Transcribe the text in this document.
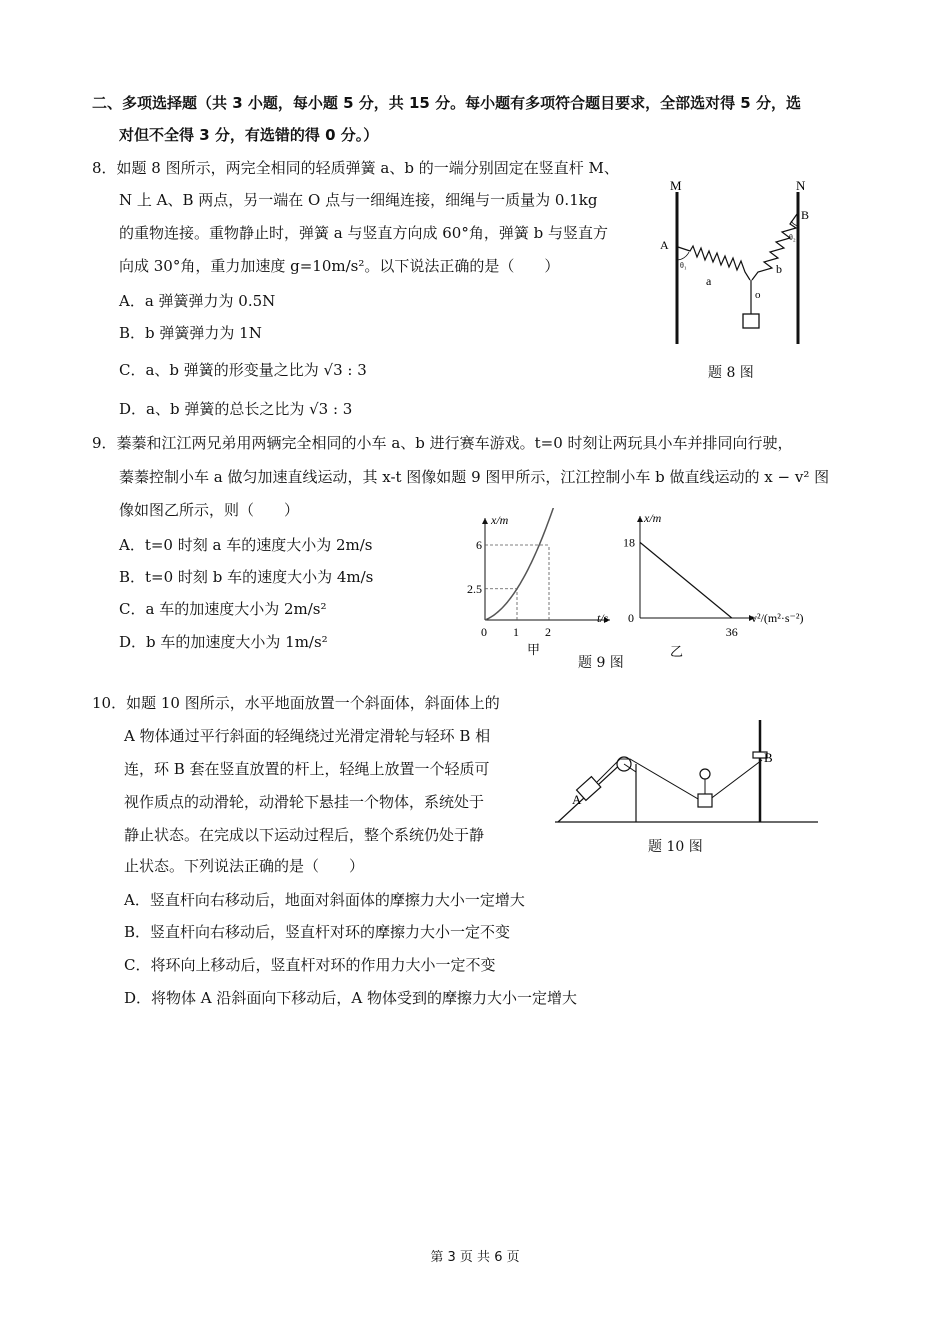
二、多项选择题（共 3 小题，每小题 5 分，共 15 分。每小题有多项符合题目要求，全部选对得 5 分，选
对但不全得 3 分，有选错的得 0 分。）
8．如题 8 图所示，两完全相同的轻质弹簧 a、b 的一端分别固定在竖直杆 M、
N 上 A、B 两点，另一端在 O 点与一细绳连接，细绳与一质量为 0.1kg
的重物连接。重物静止时，弹簧 a 与竖直方向成 60°角，弹簧 b 与竖直方
向成 30°角，重力加速度 g=10m/s²。以下说法正确的是（　　）
A．a 弹簧弹力为 0.5N
B．b 弹簧弹力为 1N
C．a、b 弹簧的形变量之比为 √3 : 3
D．a、b 弹簧的总长之比为 √3 : 3
M	N
A
B
θ₁
θ₂
a
b
o
题 8 图
9．蓁蓁和江江两兄弟用两辆完全相同的小车 a、b 进行赛车游戏。t=0 时刻让两玩具小车并排同向行驶，
蓁蓁控制小车 a 做匀加速直线运动，其 x-t 图像如题 9 图甲所示，江江控制小车 b 做直线运动的 x − v² 图
像如图乙所示，则（　　）
A．t=0 时刻 a 车的速度大小为 2m/s
B．t=0 时刻 b 车的速度大小为 4m/s
C．a 车的加速度大小为 2m/s²
D．b 车的加速度大小为 1m/s²
x/m
t/s
0 1 2
2.5
6
甲
x/m
v²/(m²·s⁻²)
0
36
18
乙
题 9 图
10．如题 10 图所示，水平地面放置一个斜面体，斜面体上的
A 物体通过平行斜面的轻绳绕过光滑定滑轮与轻环 B 相
连，环 B 套在竖直放置的杆上，轻绳上放置一个轻质可
视作质点的动滑轮，动滑轮下悬挂一个物体，系统处于
静止状态。在完成以下运动过程后，整个系统仍处于静
止状态。下列说法正确的是（　　）
A．竖直杆向右移动后，地面对斜面体的摩擦力大小一定增大
B．竖直杆向右移动后，竖直杆对环的摩擦力大小一定不变
C．将环向上移动后，竖直杆对环的作用力大小一定不变
D．将物体 A 沿斜面向下移动后，A 物体受到的摩擦力大小一定增大
A
B
题 10 图
第 3 页 共 6 页
